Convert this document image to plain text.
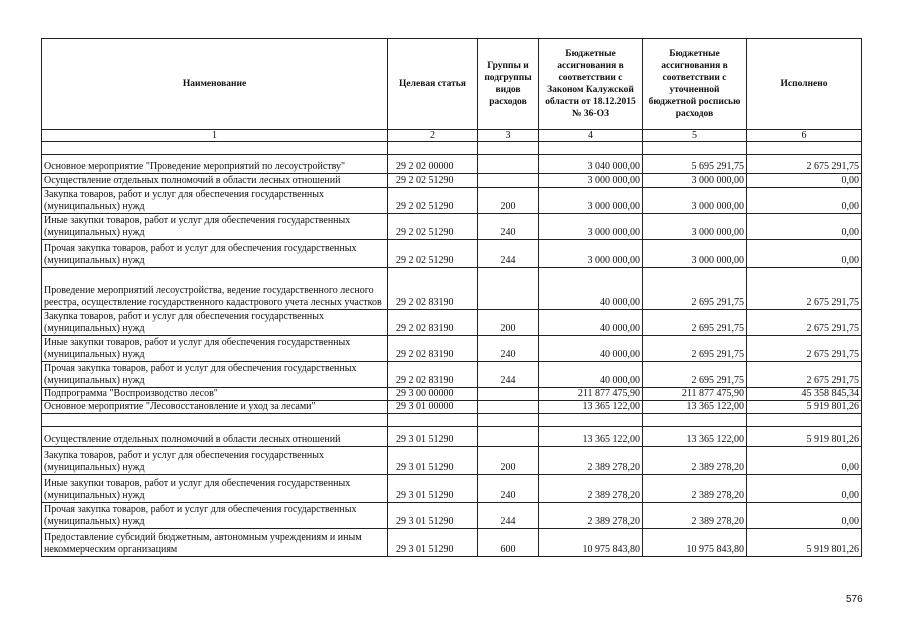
Наименование	Целевая статья	Группы и подгруппы видов расходов	Бюджетные ассигнования в соответствии с Законом Калужской области от 18.12.2015 № 36-ОЗ	Бюджетные ассигнования в соответствии с уточненной бюджетной росписью расходов	Исполнено
1	2	3	4	5	6

Основное мероприятие "Проведение мероприятий по лесоустройству"	29 2 02 00000		3 040 000,00	5 695 291,75	2 675 291,75
Осуществление отдельных полномочий в области лесных отношений	29 2 02 51290		3 000 000,00	3 000 000,00	0,00
Закупка товаров, работ и услуг для обеспечения государственных (муниципальных) нужд	29 2 02 51290	200	3 000 000,00	3 000 000,00	0,00
Иные закупки товаров, работ и услуг для обеспечения государственных (муниципальных) нужд	29 2 02 51290	240	3 000 000,00	3 000 000,00	0,00
Прочая закупка товаров, работ и услуг для обеспечения государственных (муниципальных) нужд	29 2 02 51290	244	3 000 000,00	3 000 000,00	0,00
Проведение мероприятий лесоустройства, ведение государственного лесного реестра, осуществление государственного кадастрового учета лесных участков	29 2 02 83190		40 000,00	2 695 291,75	2 675 291,75
Закупка товаров, работ и услуг для обеспечения государственных (муниципальных) нужд	29 2 02 83190	200	40 000,00	2 695 291,75	2 675 291,75
Иные закупки товаров, работ и услуг для обеспечения государственных (муниципальных) нужд	29 2 02 83190	240	40 000,00	2 695 291,75	2 675 291,75
Прочая закупка товаров, работ и услуг для обеспечения государственных (муниципальных) нужд	29 2 02 83190	244	40 000,00	2 695 291,75	2 675 291,75
Подпрограмма "Воспроизводство лесов"	29 3 00 00000		211 877 475,90	211 877 475,90	45 358 845,34
Основное мероприятие "Лесовосстановление и уход за лесами"	29 3 01 00000		13 365 122,00	13 365 122,00	5 919 801,26

Осуществление отдельных полномочий в области лесных отношений	29 3 01 51290		13 365 122,00	13 365 122,00	5 919 801,26
Закупка товаров, работ и услуг для обеспечения государственных (муниципальных) нужд	29 3 01 51290	200	2 389 278,20	2 389 278,20	0,00
Иные закупки товаров, работ и услуг для обеспечения государственных (муниципальных) нужд	29 3 01 51290	240	2 389 278,20	2 389 278,20	0,00
Прочая закупка товаров, работ и услуг для обеспечения государственных (муниципальных) нужд	29 3 01 51290	244	2 389 278,20	2 389 278,20	0,00
Предоставление субсидий бюджетным, автономным учреждениям и иным некоммерческим организациям	29 3 01 51290	600	10 975 843,80	10 975 843,80	5 919 801,26
576
